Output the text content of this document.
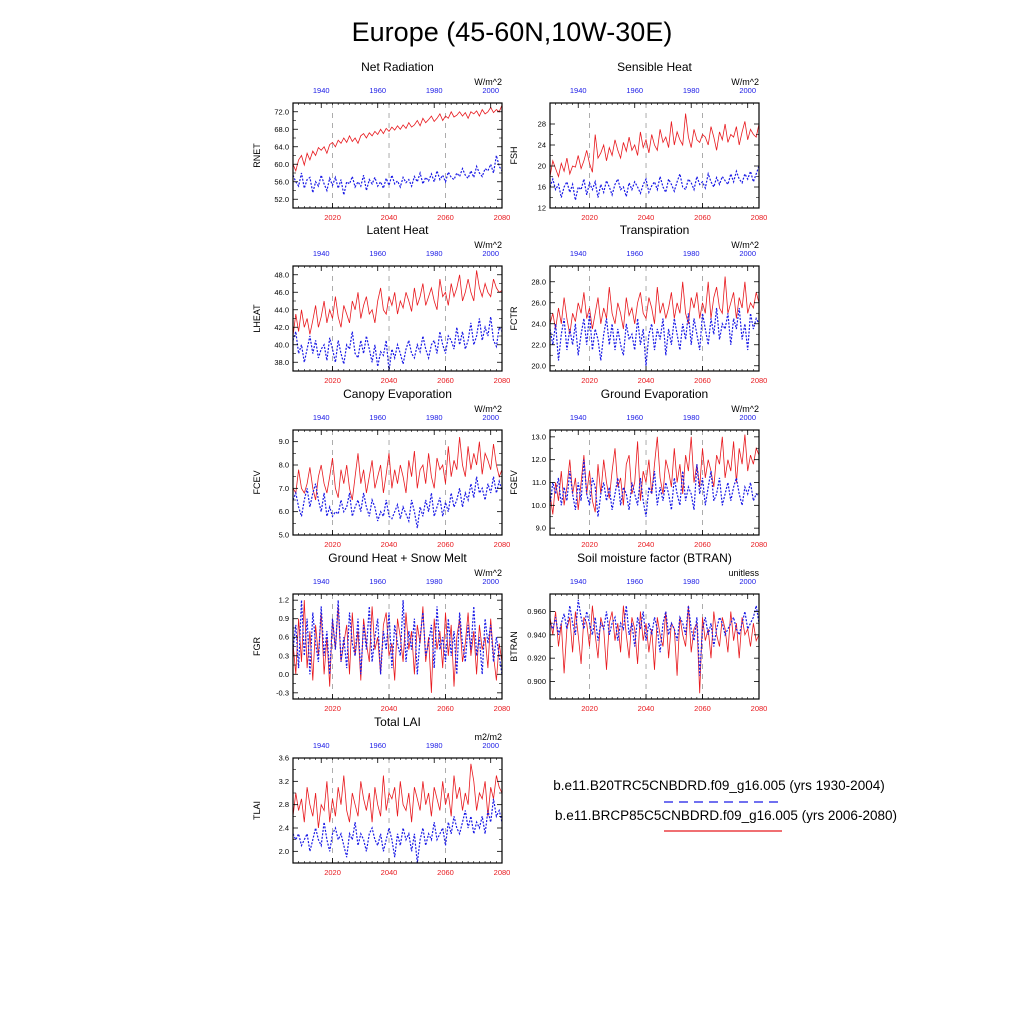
Europe (45-60N,10W-30E)
2020	2040	2060	2080
1940	1960	1980	2000
52.0
56.0
60.0
64.0
68.0
72.0
Net Radiation
W/m^2
RNET
2020	2040	2060	2080
1940	1960	1980	2000
12
16
20
24
28
Sensible Heat
W/m^2
FSH
2020	2040	2060	2080
1940	1960	1980	2000
38.0
40.0
42.0
44.0
46.0
48.0
Latent Heat
W/m^2
LHEAT
2020	2040	2060	2080
1940	1960	1980	2000
20.0
22.0
24.0
26.0
28.0
Transpiration
W/m^2
FCTR
2020	2040	2060	2080
1940	1960	1980	2000
5.0
6.0
7.0
8.0
9.0
Canopy Evaporation
W/m^2
FCEV
2020	2040	2060	2080
1940	1960	1980	2000
9.0
10.0
11.0
12.0
13.0
Ground Evaporation
W/m^2
FGEV
2020	2040	2060	2080
1940	1960	1980	2000
-0.3
0.0
0.3
0.6
0.9
1.2
Ground Heat + Snow Melt
W/m^2
FGR
2020	2040	2060	2080
1940	1960	1980	2000
0.900
0.920
0.940
0.960
Soil moisture factor (BTRAN)
unitless
BTRAN
2020	2040	2060	2080
1940	1960	1980	2000
2.0
2.4
2.8
3.2
3.6
Total LAI
m2/m2
TLAI
b.e11.B20TRC5CNBDRD.f09_g16.005 (yrs 1930-2004)
b.e11.BRCP85C5CNBDRD.f09_g16.005 (yrs 2006-2080)
